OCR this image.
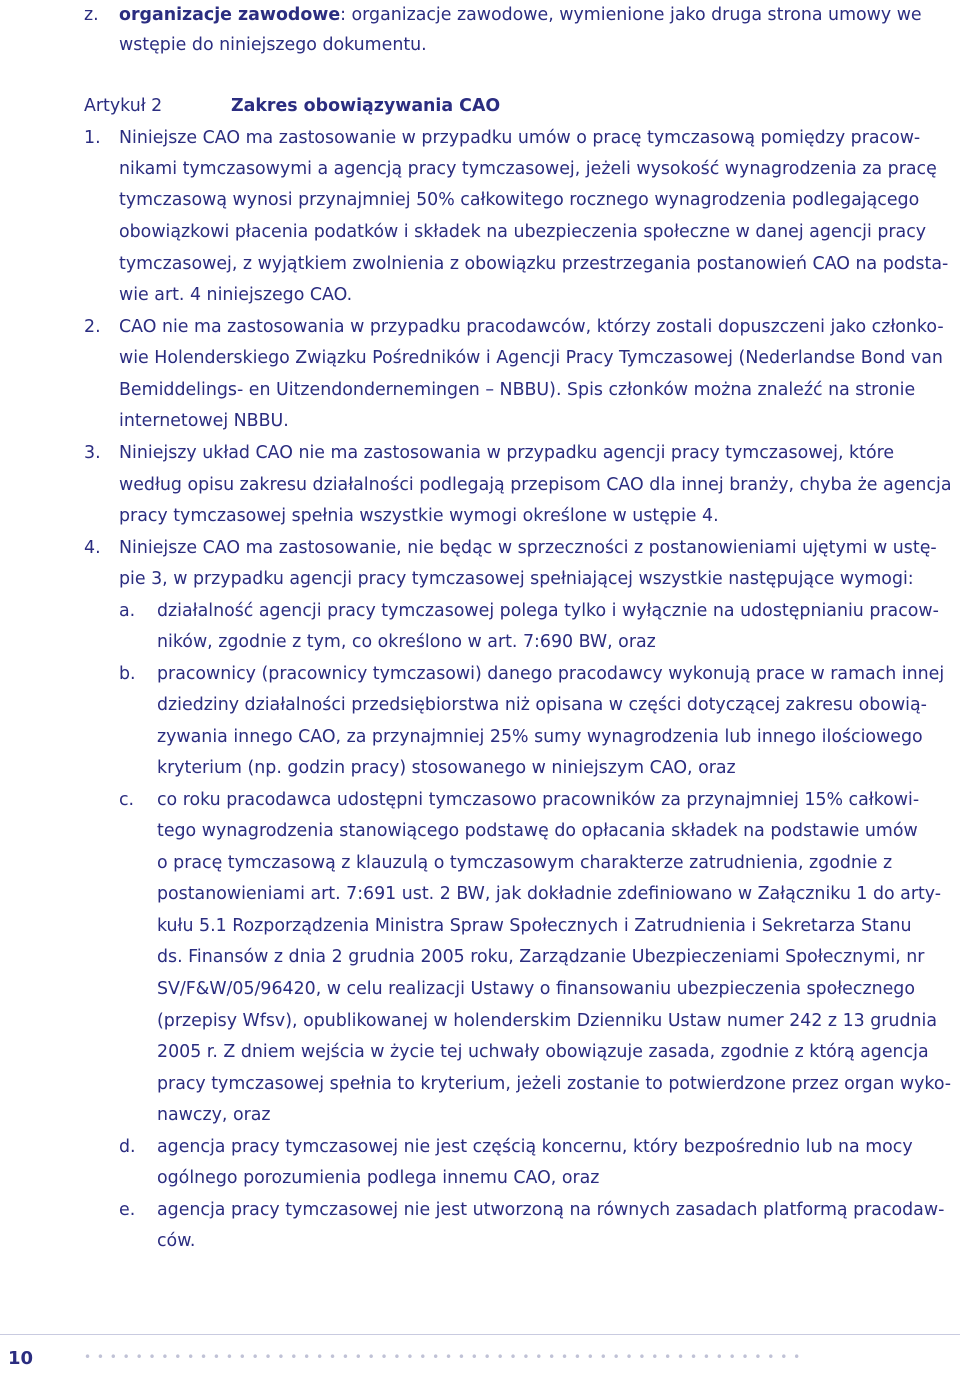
z. organizacje zawodowe: organizacje zawodowe, wymienione jako druga strona umowy we
wstępie do niniejszego dokumentu.
Artykuł 2	Zakres obowiązywania CAO
1. Niniejsze CAO ma zastosowanie w przypadku umów o pracę tymczasową pomiędzy pracow-
nikami tymczasowymi a agencją pracy tymczasowej, jeżeli wysokość wynagrodzenia za pracę
tymczasową wynosi przynajmniej 50% całkowitego rocznego wynagrodzenia podlegającego
obowiązkowi płacenia podatków i składek na ubezpieczenia społeczne w danej agencji pracy
tymczasowej, z wyjątkiem zwolnienia z obowiązku przestrzegania postanowień CAO na podsta-
wie art. 4 niniejszego CAO.
2. CAO nie ma zastosowania w przypadku pracodawców, którzy zostali dopuszczeni jako członko-
wie Holenderskiego Związku Pośredników i Agencji Pracy Tymczasowej (Nederlandse Bond van
Bemiddelings- en Uitzendondernemingen – NBBU). Spis członków można znaleźć na stronie
internetowej NBBU.
3. Niniejszy układ CAO nie ma zastosowania w przypadku agencji pracy tymczasowej, które
według opisu zakresu działalności podlegają przepisom CAO dla innej branży, chyba że agencja
pracy tymczasowej spełnia wszystkie wymogi określone w ustępie 4.
4. Niniejsze CAO ma zastosowanie, nie będąc w sprzeczności z postanowieniami ujętymi w ustę-
pie 3, w przypadku agencji pracy tymczasowej spełniającej wszystkie następujące wymogi:
a. działalność agencji pracy tymczasowej polega tylko i wyłącznie na udostępnianiu pracow-
ników, zgodnie z tym, co określono w art. 7:690 BW, oraz
b. pracownicy (pracownicy tymczasowi) danego pracodawcy wykonują prace w ramach innej
dziedziny działalności przedsiębiorstwa niż opisana w części dotyczącej zakresu obowią-
zywania innego CAO, za przynajmniej 25% sumy wynagrodzenia lub innego ilościowego
kryterium (np. godzin pracy) stosowanego w niniejszym CAO, oraz
c. co roku pracodawca udostępni tymczasowo pracowników za przynajmniej 15% całkowi-
tego wynagrodzenia stanowiącego podstawę do opłacania składek na podstawie umów
o pracę tymczasową z klauzulą o tymczasowym charakterze zatrudnienia, zgodnie z
postanowieniami art. 7:691 ust. 2 BW, jak dokładnie zdefiniowano w Załączniku 1 do arty-
kułu 5.1 Rozporządzenia Ministra Spraw Społecznych i Zatrudnienia i Sekretarza Stanu
ds. Finansów z dnia 2 grudnia 2005 roku, Zarządzanie Ubezpieczeniami Społecznymi, nr
SV/F&W/05/96420, w celu realizacji Ustawy o finansowaniu ubezpieczenia społecznego
(przepisy Wfsv), opublikowanej w holenderskim Dzienniku Ustaw numer 242 z 13 grudnia
2005 r. Z dniem wejścia w życie tej uchwały obowiązuje zasada, zgodnie z którą agencja
pracy tymczasowej spełnia to kryterium, jeżeli zostanie to potwierdzone przez organ wyko-
nawczy, oraz
d. agencja pracy tymczasowej nie jest częścią koncernu, który bezpośrednio lub na mocy
ogólnego porozumienia podlega innemu CAO, oraz
e. agencja pracy tymczasowej nie jest utworzoną na równych zasadach platformą pracodaw-
ców.
10	• • • • • • • • • • • • • • • • • • • • • • • • • • • • • • • • • • • • • • • • • • • • • • • • • • • • • • • •
